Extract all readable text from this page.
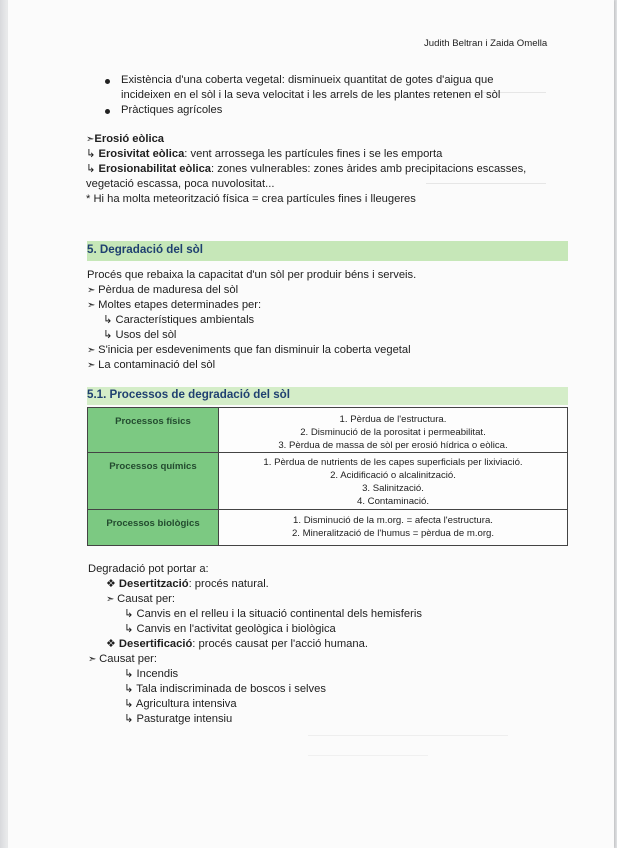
Judith Beltran i Zaida Omella
Existència d'una coberta vegetal: disminueix quantitat de gotes d'aigua que
incideixen en el sòl i la seva velocitat i les arrels de les plantes retenen el sòl
Pràctiques agrícoles
➣Erosió eòlica
↳ Erosivitat eòlica: vent arrossega les partícules fines i se les emporta
↳ Erosionabilitat eòlica: zones vulnerables: zones àrides amb precipitacions escasses,
vegetació escassa, poca nuvolositat...
* Hi ha molta meteorització física = crea partícules fines i lleugeres
5. Degradació del sòl
Procés que rebaixa la capacitat d'un sòl per produir béns i serveis.
➣ Pèrdua de maduresa del sòl
➣ Moltes etapes determinades per:
↳ Característiques ambientals
↳ Usos del sòl
➣ S'inicia per esdeveniments que fan disminuir la coberta vegetal
➣ La contaminació del sòl
5.1. Processos de degradació del sòl
Processos físics	1. Pèrdua de l'estructura.
2. Disminució de la porositat i permeabilitat.
3. Pèrdua de massa de sòl per erosió hídrica o eòlica.

Processos químics	1. Pèrdua de nutrients de les capes superficials per lixiviació.
2. Acidificació o alcalinització.
3. Salinització.
4. Contaminació.

Processos biològics	1. Disminució de la m.org. = afecta l'estructura.
2. Mineralització de l'humus = pèrdua de m.org.
Degradació pot portar a:
❖ Desertització: procés natural.
➣ Causat per:
↳ Canvis en el relleu i la situació continental dels hemisferis
↳ Canvis en l'activitat geològica i biològica
❖ Desertificació: procés causat per l'acció humana.
➣ Causat per:
↳ Incendis
↳ Tala indiscriminada de boscos i selves
↳ Agricultura intensiva
↳ Pasturatge intensiu
